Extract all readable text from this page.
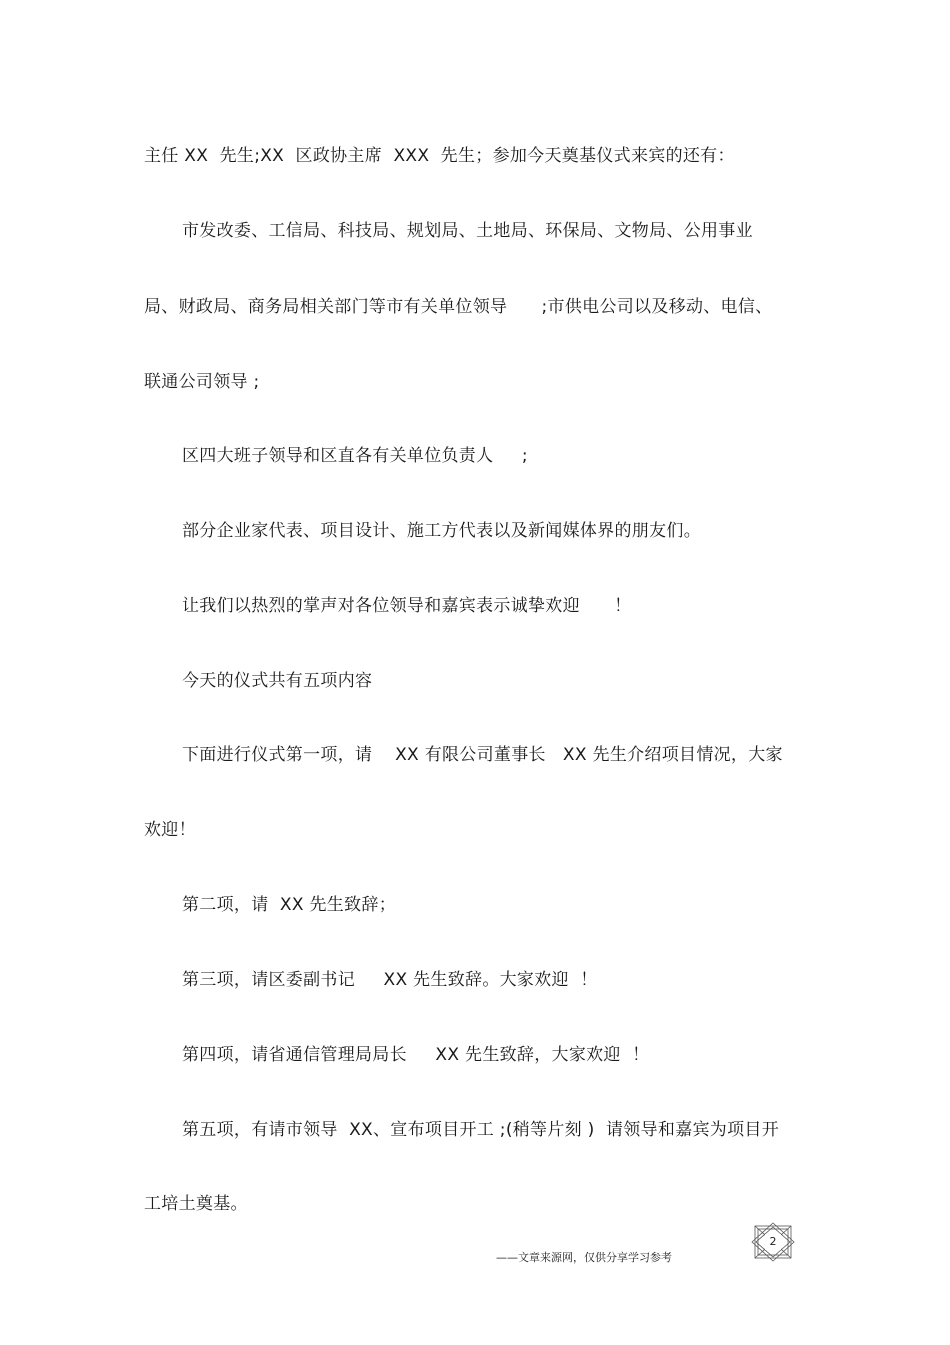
主任 XX  先生;XX  区政协主席  XXX  先生；参加今天奠基仪式来宾的还有：
市发改委、工信局、科技局、规划局、土地局、环保局、文物局、公用事业
局、财政局、商务局相关部门等市有关单位领导      ;市供电公司以及移动、电信、
联通公司领导 ;
区四大班子领导和区直各有关单位负责人     ;
部分企业家代表、项目设计、施工方代表以及新闻媒体界的朋友们。
让我们以热烈的掌声对各位领导和嘉宾表示诚挚欢迎      ！
今天的仪式共有五项内容
下面进行仪式第一项，请    XX 有限公司董事长   XX 先生介绍项目情况，大家
欢迎！
第二项，请  XX 先生致辞；
第三项，请区委副书记     XX 先生致辞。大家欢迎  ！
第四项，请省通信管理局局长     XX 先生致辞，大家欢迎  ！
第五项，有请市领导  XX、宣布项目开工 ;(稍等片刻 )  请领导和嘉宾为项目开
工培土奠基。
——文章来源网，仅供分享学习参考
2
